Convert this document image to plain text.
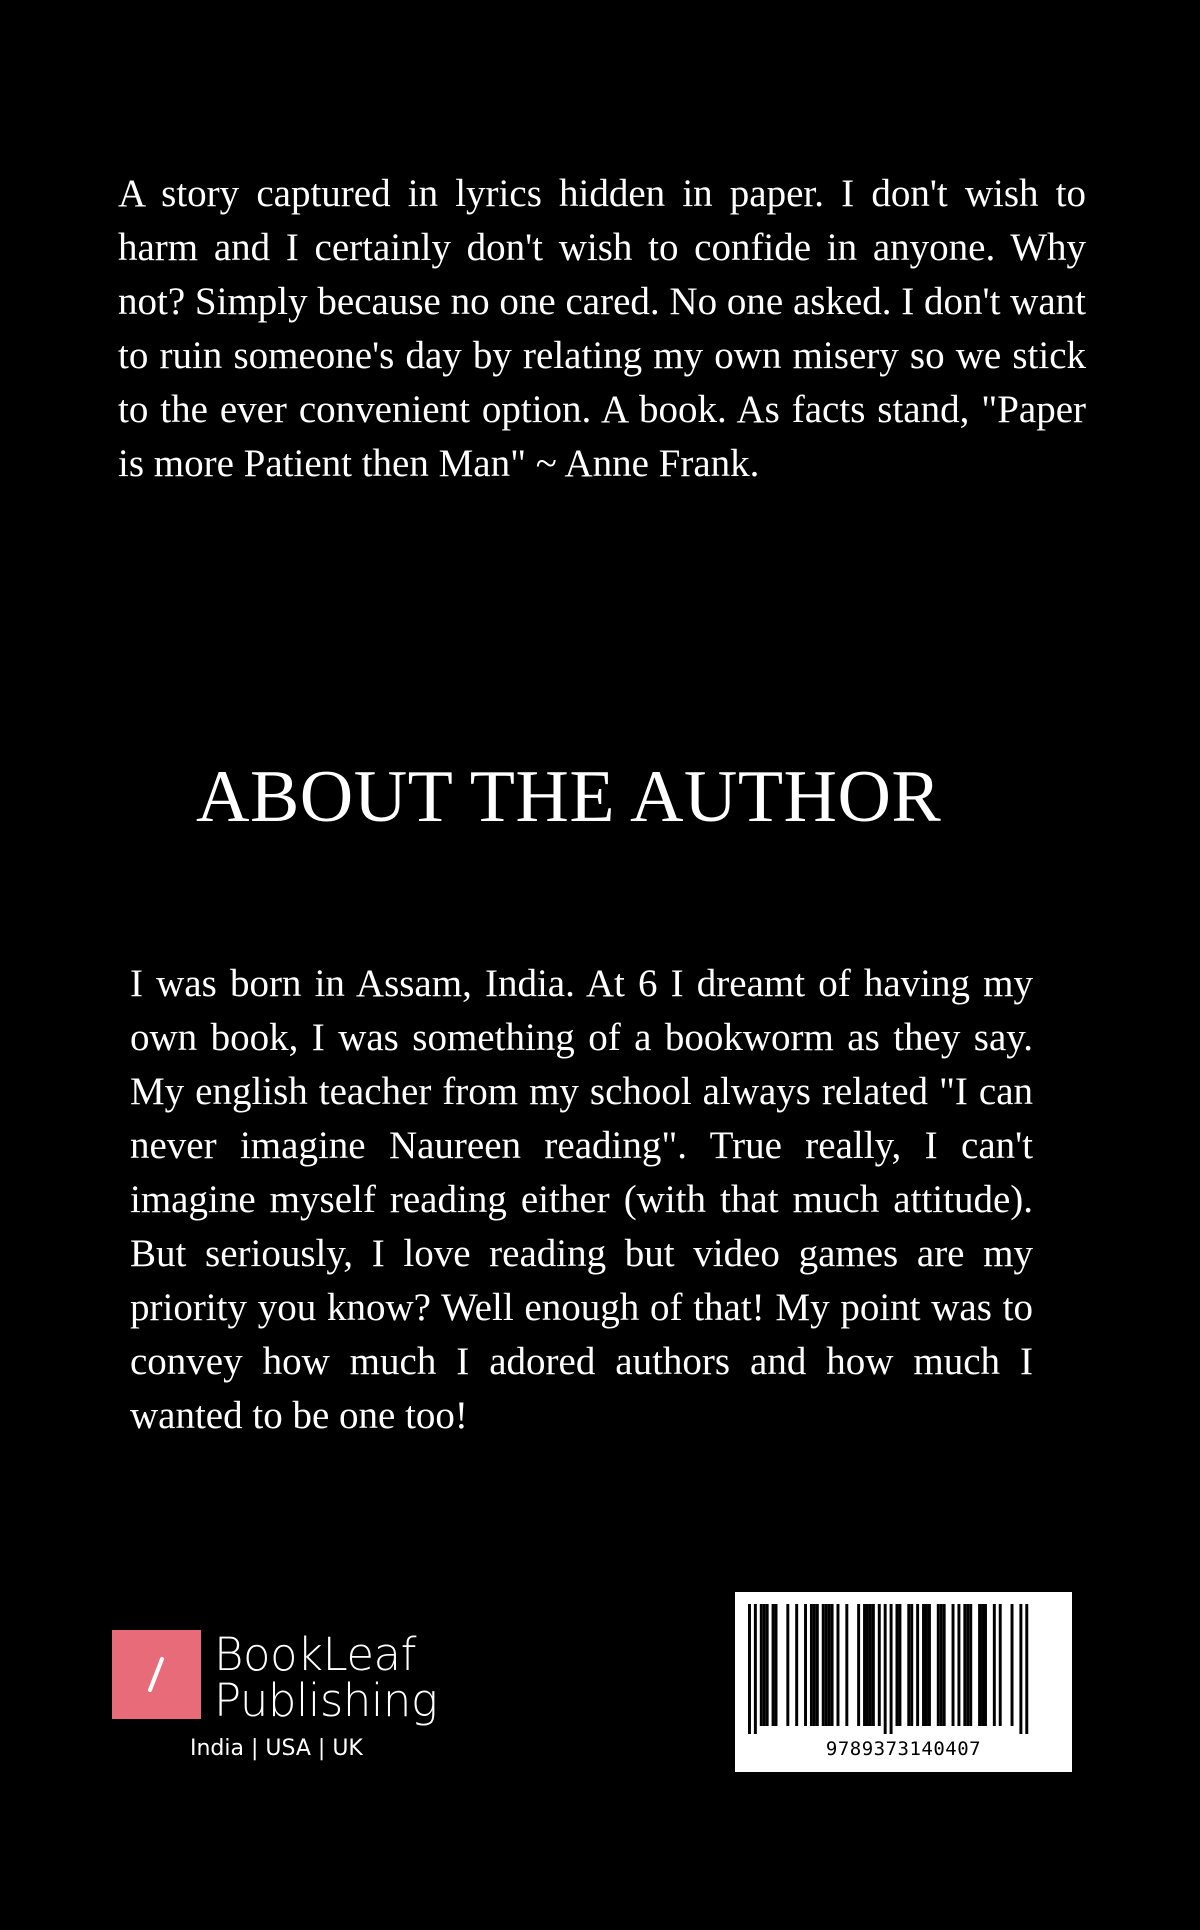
A story captured in lyrics hidden in paper. I don't wish to harm and I certainly don't wish to confide in anyone. Why not? Simply because no one cared. No one asked. I don't want to ruin someone's day by relating my own misery so we stick to the ever convenient option. A book. As facts stand, "Paper is more Patient then Man" ~ Anne Frank.

ABOUT THE AUTHOR

I was born in Assam, India. At 6 I dreamt of having my own book, I was something of a bookworm as they say. My english teacher from my school always related "I can never imagine Naureen reading". True really, I can't imagine myself reading either (with that much attitude). But seriously, I love reading but video games are my priority you know? Well enough of that! My point was to convey how much I adored authors and how much I wanted to be one too!

BookLeaf
Publishing
India | USA | UK	9789373140407
